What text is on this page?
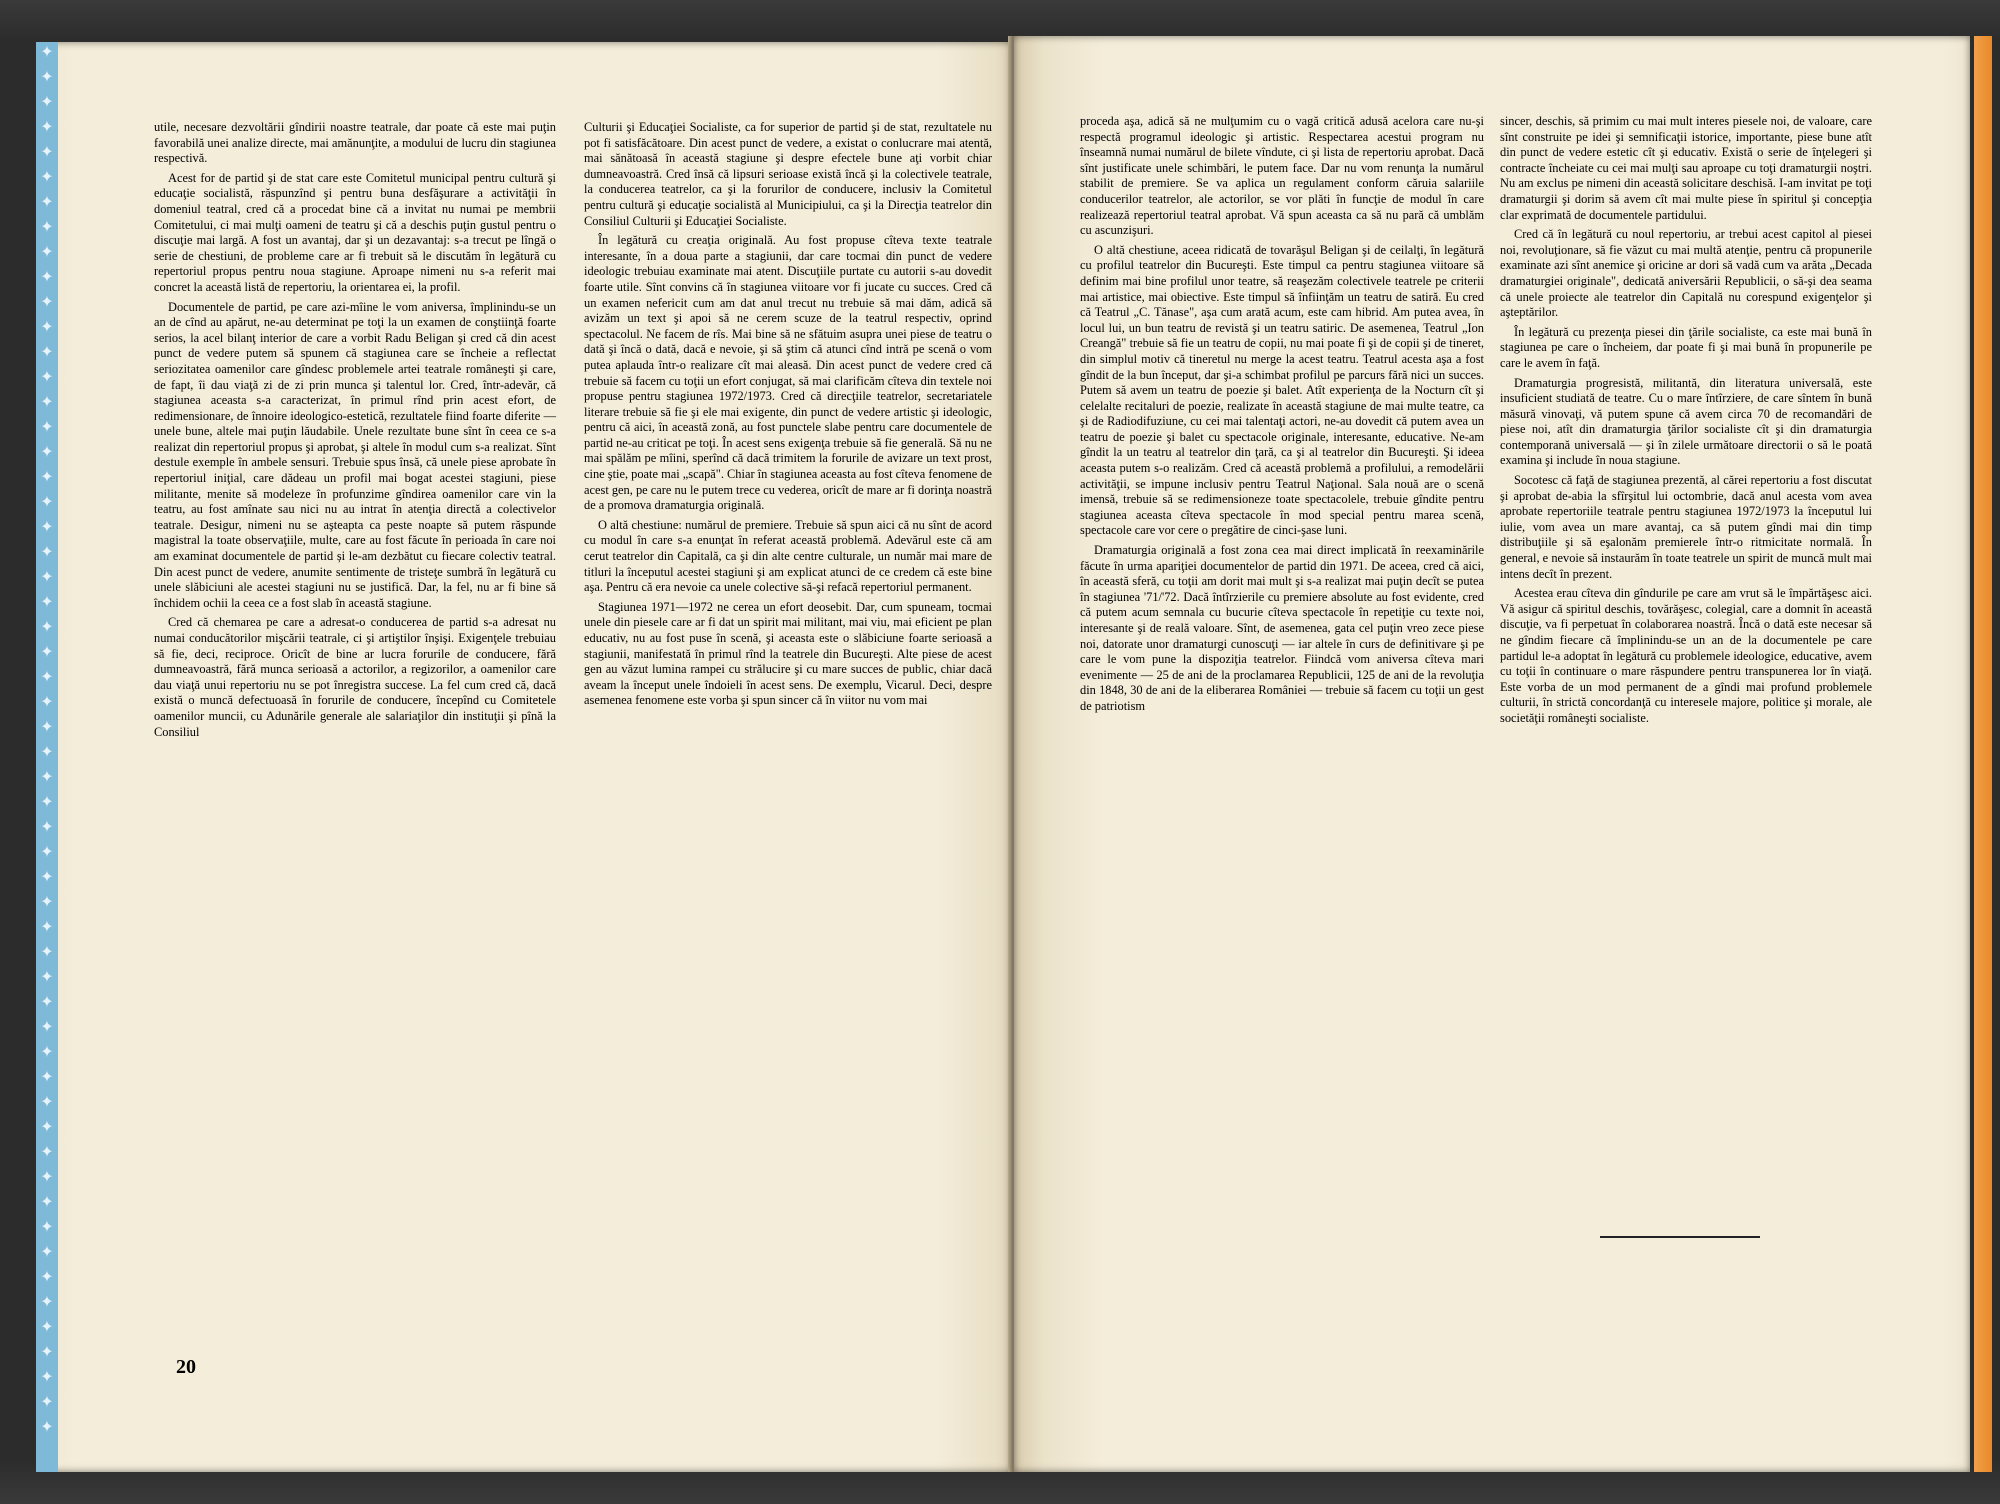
✦
✦
✦
✦
✦
✦
✦
✦
✦
✦
✦
✦
✦
✦
✦
✦
✦
✦
✦
✦
✦
✦
✦
✦
✦
✦
✦
✦
✦
✦
✦
✦
✦
✦
✦
✦
✦
✦
✦
✦
✦
✦
✦
✦
✦
✦
✦
✦
✦
✦
✦
✦
✦
✦
✦
✦

utile, necesare dezvoltării gîndirii noastre teatrale, dar poate că este mai puţin favorabilă unei analize directe, mai amănunţite, a modului de lucru din stagiunea respectivă.

Acest for de partid şi de stat care este Comitetul municipal pentru cultură şi educaţie socialistă, răspunzînd şi pentru buna desfăşurare a activităţii în domeniul teatral, cred că a procedat bine că a invitat nu numai pe membrii Comitetului, ci mai mulţi oameni de teatru şi că a deschis puţin gustul pentru o discuţie mai largă. A fost un avantaj, dar şi un dezavantaj: s-a trecut pe lîngă o serie de chestiuni, de probleme care ar fi trebuit să le discutăm în legătură cu repertoriul propus pentru noua stagiune. Aproape nimeni nu s-a referit mai concret la această listă de repertoriu, la orientarea ei, la profil.

Documentele de partid, pe care azi-mîine le vom aniversa, împlinindu-se un an de cînd au apărut, ne-au determinat pe toţi la un examen de conştiinţă foarte serios, la acel bilanţ interior de care a vorbit Radu Beligan şi cred că din acest punct de vedere putem să spunem că stagiunea care se încheie a reflectat seriozitatea oamenilor care gîndesc problemele artei teatrale româneşti şi care, de fapt, îi dau viaţă zi de zi prin munca şi talentul lor. Cred, într-adevăr, că stagiunea aceasta s-a caracterizat, în primul rînd prin acest efort, de redimensionare, de înnoire ideologico-estetică, rezultatele fiind foarte diferite — unele bune, altele mai puţin lăudabile. Unele rezultate bune sînt în ceea ce s-a realizat din repertoriul propus şi aprobat, şi altele în modul cum s-a realizat. Sînt destule exemple în ambele sensuri. Trebuie spus însă, că unele piese aprobate în repertoriul iniţial, care dădeau un profil mai bogat acestei stagiuni, piese militante, menite să modeleze în profunzime gîndirea oamenilor care vin la teatru, au fost amînate sau nici nu au intrat în atenţia directă a colectivelor teatrale. Desigur, nimeni nu se aşteapta ca peste noapte să putem răspunde magistral la toate observaţiile, multe, care au fost făcute în perioada în care noi am examinat documentele de partid și le-am dezbătut cu fiecare colectiv teatral. Din acest punct de vedere, anumite sentimente de tristeţe sumbră în legătură cu unele slăbiciuni ale acestei stagiuni nu se justifică. Dar, la fel, nu ar fi bine să închidem ochii la ceea ce a fost slab în această stagiune.

Cred că chemarea pe care a adresat-o conducerea de partid s-a adresat nu numai conducătorilor mişcării teatrale, ci şi artiştilor înşişi. Exigenţele trebuiau să fie, deci, reciproce. Oricît de bine ar lucra forurile de conducere, fără dumneavoastră, fără munca serioasă a actorilor, a regizorilor, a oamenilor care dau viaţă unui repertoriu nu se pot înregistra succese. La fel cum cred că, dacă există o muncă defectuoasă în forurile de conducere, începînd cu Comitetele oamenilor muncii, cu Adunările generale ale salariaţilor din instituţii şi pînă la Consiliul

Culturii şi Educaţiei Socialiste, ca for superior de partid şi de stat, rezultatele nu pot fi satisfăcătoare. Din acest punct de vedere, a existat o conlucrare mai atentă, mai sănătoasă în această stagiune şi despre efectele bune aţi vorbit chiar dumneavoastră. Cred însă că lipsuri serioase există încă şi la colectivele teatrale, la conducerea teatrelor, ca şi la forurilor de conducere, inclusiv la Comitetul pentru cultură şi educaţie socialistă al Municipiului, ca şi la Direcţia teatrelor din Consiliul Culturii şi Educaţiei Socialiste.

În legătură cu creaţia originală. Au fost propuse cîteva texte teatrale interesante, în a doua parte a stagiunii, dar care tocmai din punct de vedere ideologic trebuiau examinate mai atent. Discuţiile purtate cu autorii s-au dovedit foarte utile. Sînt convins că în stagiunea viitoare vor fi jucate cu succes. Cred că un examen nefericit cum am dat anul trecut nu trebuie să mai dăm, adică să avizăm un text şi apoi să ne cerem scuze de la teatrul respectiv, oprind spectacolul. Ne facem de rîs. Mai bine să ne sfătuim asupra unei piese de teatru o dată şi încă o dată, dacă e nevoie, şi să ştim că atunci cînd intră pe scenă o vom putea aplauda într-o realizare cît mai aleasă. Din acest punct de vedere cred că trebuie să facem cu toţii un efort conjugat, să mai clarificăm cîteva din textele noi propuse pentru stagiunea 1972/1973. Cred că direcţiile teatrelor, secretariatele literare trebuie să fie şi ele mai exigente, din punct de vedere artistic şi ideologic, pentru că aici, în această zonă, au fost punctele slabe pentru care documentele de partid ne-au criticat pe toţi. În acest sens exigenţa trebuie să fie generală. Să nu ne mai spălăm pe mîini, sperînd că dacă trimitem la forurile de avizare un text prost, cine ştie, poate mai „scapă". Chiar în stagiunea aceasta au fost cîteva fenomene de acest gen, pe care nu le putem trece cu vederea, oricît de mare ar fi dorinţa noastră de a promova dramaturgia originală.

O altă chestiune: numărul de premiere. Trebuie să spun aici că nu sînt de acord cu modul în care s-a enunţat în referat această problemă. Adevărul este că am cerut teatrelor din Capitală, ca şi din alte centre culturale, un număr mai mare de titluri la începutul acestei stagiuni şi am explicat atunci de ce credem că este bine aşa. Pentru că era nevoie ca unele colective să-şi refacă repertoriul permanent.

Stagiunea 1971—1972 ne cerea un efort deosebit. Dar, cum spuneam, tocmai unele din piesele care ar fi dat un spirit mai militant, mai viu, mai eficient pe plan educativ, nu au fost puse în scenă, şi aceasta este o slăbiciune foarte serioasă a stagiunii, manifestată în primul rînd la teatrele din Bucureşti. Alte piese de acest gen au văzut lumina rampei cu strălucire şi cu mare succes de public, chiar dacă aveam la început unele îndoieli în acest sens. De exemplu, Vicarul. Deci, despre asemenea fenomene este vorba şi spun sincer că în viitor nu vom mai

proceda aşa, adică să ne mulţumim cu o vagă critică adusă acelora care nu-şi respectă programul ideologic şi artistic. Respectarea acestui program nu înseamnă numai numărul de bilete vîndute, ci şi lista de repertoriu aprobat. Dacă sînt justificate unele schimbări, le putem face. Dar nu vom renunţa la numărul stabilit de premiere. Se va aplica un regulament conform căruia salariile conducerilor teatrelor, ale actorilor, se vor plăti în funcţie de modul în care realizează repertoriul teatral aprobat. Vă spun aceasta ca să nu pară că umblăm cu ascunzişuri.

O altă chestiune, aceea ridicată de tovarăşul Beligan şi de ceilalţi, în legătură cu profilul teatrelor din Bucureşti. Este timpul ca pentru stagiunea viitoare să definim mai bine profilul unor teatre, să reaşezăm colectivele teatrele pe criterii mai artistice, mai obiective. Este timpul să înfiinţăm un teatru de satiră. Eu cred că Teatrul „C. Tănase", aşa cum arată acum, este cam hibrid. Am putea avea, în locul lui, un bun teatru de revistă şi un teatru satiric. De asemenea, Teatrul „Ion Creangă" trebuie să fie un teatru de copii, nu mai poate fi şi de copii şi de tineret, din simplul motiv că tineretul nu merge la acest teatru. Teatrul acesta aşa a fost gîndit de la bun început, dar şi-a schimbat profilul pe parcurs fără nici un succes. Putem să avem un teatru de poezie şi balet. Atît experienţa de la Nocturn cît şi celelalte recitaluri de poezie, realizate în această stagiune de mai multe teatre, ca şi de Radiodifuziune, cu cei mai talentaţi actori, ne-au dovedit că putem avea un teatru de poezie şi balet cu spectacole originale, interesante, educative. Ne-am gîndit la un teatru al teatrelor din ţară, ca şi al teatrelor din Bucureşti. Şi ideea aceasta putem s-o realizăm. Cred că această problemă a profilului, a remodelării activităţii, se impune inclusiv pentru Teatrul Naţional. Sala nouă are o scenă imensă, trebuie să se redimensioneze toate spectacolele, trebuie gîndite pentru stagiunea aceasta cîteva spectacole în mod special pentru marea scenă, spectacole care vor cere o pregătire de cinci-şase luni.

Dramaturgia originală a fost zona cea mai direct implicată în reexaminările făcute în urma apariţiei documentelor de partid din 1971. De aceea, cred că aici, în această sferă, cu toţii am dorit mai mult şi s-a realizat mai puţin decît se putea în stagiunea '71/'72. Dacă întîrzierile cu premiere absolute au fost evidente, cred că putem acum semnala cu bucurie cîteva spectacole în repetiţie cu texte noi, interesante şi de reală valoare. Sînt, de asemenea, gata cel puţin vreo zece piese noi, datorate unor dramaturgi cunoscuţi — iar altele în curs de definitivare şi pe care le vom pune la dispoziţia teatrelor. Fiindcă vom aniversa cîteva mari evenimente — 25 de ani de la proclamarea Republicii, 125 de ani de la revoluţia din 1848, 30 de ani de la eliberarea României — trebuie să facem cu toţii un gest de patriotism

sincer, deschis, să primim cu mai mult interes piesele noi, de valoare, care sînt construite pe idei şi semnificaţii istorice, importante, piese bune atît din punct de vedere estetic cît şi educativ. Există o serie de înţelegeri şi contracte încheiate cu cei mai mulţi sau aproape cu toţi dramaturgii noştri. Nu am exclus pe nimeni din această solicitare deschisă. I-am invitat pe toţi dramaturgii şi dorim să avem cît mai multe piese în spiritul şi concepţia clar exprimată de documentele partidului.

Cred că în legătură cu noul repertoriu, ar trebui acest capitol al piesei noi, revoluţionare, să fie văzut cu mai multă atenţie, pentru că propunerile examinate azi sînt anemice şi oricine ar dori să vadă cum va arăta „Decada dramaturgiei originale", dedicată aniversării Republicii, o să-şi dea seama că unele proiecte ale teatrelor din Capitală nu corespund exigenţelor şi aşteptărilor.

În legătură cu prezenţa piesei din ţările socialiste, ca este mai bună în stagiunea pe care o încheiem, dar poate fi şi mai bună în propunerile pe care le avem în faţă.

Dramaturgia progresistă, militantă, din literatura universală, este insuficient studiată de teatre. Cu o mare întîrziere, de care sîntem în bună măsură vinovaţi, vă putem spune că avem circa 70 de recomandări de piese noi, atît din dramaturgia ţărilor socialiste cît şi din dramaturgia contemporană universală — şi în zilele următoare directorii o să le poată examina şi include în noua stagiune.

Socotesc că faţă de stagiunea prezentă, al cărei repertoriu a fost discutat şi aprobat de-abia la sfîrşitul lui octombrie, dacă anul acesta vom avea aprobate repertoriile teatrale pentru stagiunea 1972/1973 la începutul lui iulie, vom avea un mare avantaj, ca să putem gîndi mai din timp distribuţiile şi să eşalonăm premierele într-o ritmicitate normală. În general, e nevoie să instaurăm în toate teatrele un spirit de muncă mult mai intens decît în prezent.

Acestea erau cîteva din gîndurile pe care am vrut să le împărtăşesc aici. Vă asigur că spiritul deschis, tovărăşesc, colegial, care a domnit în această discuţie, va fi perpetuat în colaborarea noastră. Încă o dată este necesar să ne gîndim fiecare că împlinindu-se un an de la documentele pe care partidul le-a adoptat în legătură cu problemele ideologice, educative, avem cu toţii în continuare o mare răspundere pentru transpunerea lor în viaţă. Este vorba de un mod permanent de a gîndi mai profund problemele culturii, în strictă concordanţă cu interesele majore, politice şi morale, ale societăţii româneşti socialiste.

20
